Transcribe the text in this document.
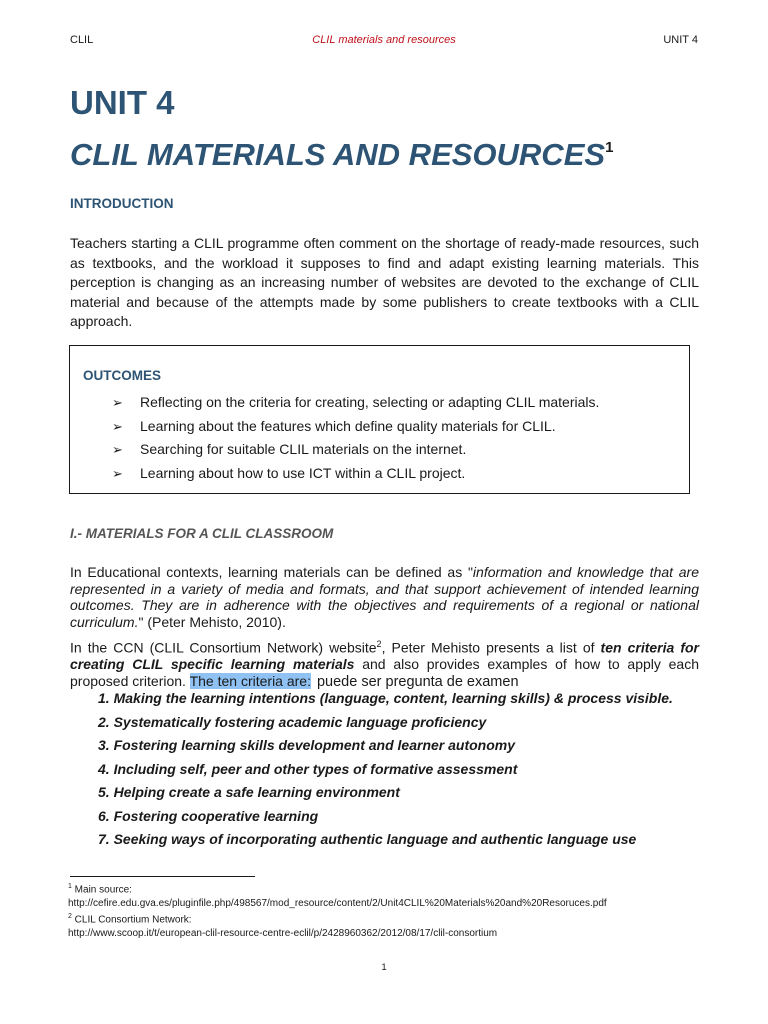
CLIL	CLIL materials and resources	UNIT 4
UNIT 4
CLIL MATERIALS AND RESOURCES$^1$
INTRODUCTION

Teachers starting a CLIL programme often comment on the shortage of ready-made resources, such as textbooks, and the workload it supposes to find and adapt existing learning materials. This perception is changing as an increasing number of websites are devoted to the exchange of CLIL material and because of the attempts made by some publishers to create textbooks with a CLIL approach.

OUTCOMES
➢ Reflecting on the criteria for creating, selecting or adapting CLIL materials.
➢ Learning about the features which define quality materials for CLIL.
➢ Searching for suitable CLIL materials on the internet.
➢ Learning about how to use ICT within a CLIL project.
I.- MATERIALS FOR A CLIL CLASSROOM

In Educational contexts, learning materials can be defined as "information and knowledge that are represented in a variety of media and formats, and that support achievement of intended learning outcomes. They are in adherence with the objectives and requirements of a regional or national curriculum." (Peter Mehisto, 2010).

In the CCN (CLIL Consortium Network) website$^2$, Peter Mehisto presents a list of ten criteria for creating CLIL specific learning materials and also provides examples of how to apply each proposed criterion. The ten criteria are: puede ser pregunta de examen

1. Making the learning intentions (language, content, learning skills) & process visible.
2. Systematically fostering academic language proficiency
3. Fostering learning skills development and learner autonomy
4. Including self, peer and other types of formative assessment
5. Helping create a safe learning environment
6. Fostering cooperative learning
7. Seeking ways of incorporating authentic language and authentic language use
$^1$ Main source:
http://cefire.edu.gva.es/pluginfile.php/498567/mod_resource/content/2/Unit4CLIL%20Materials%20and%20Resoruces.pdf
$^2$ CLIL Consortium Network:
http://www.scoop.it/t/european-clil-resource-centre-eclil/p/2428960362/2012/08/17/clil-consortium
1
